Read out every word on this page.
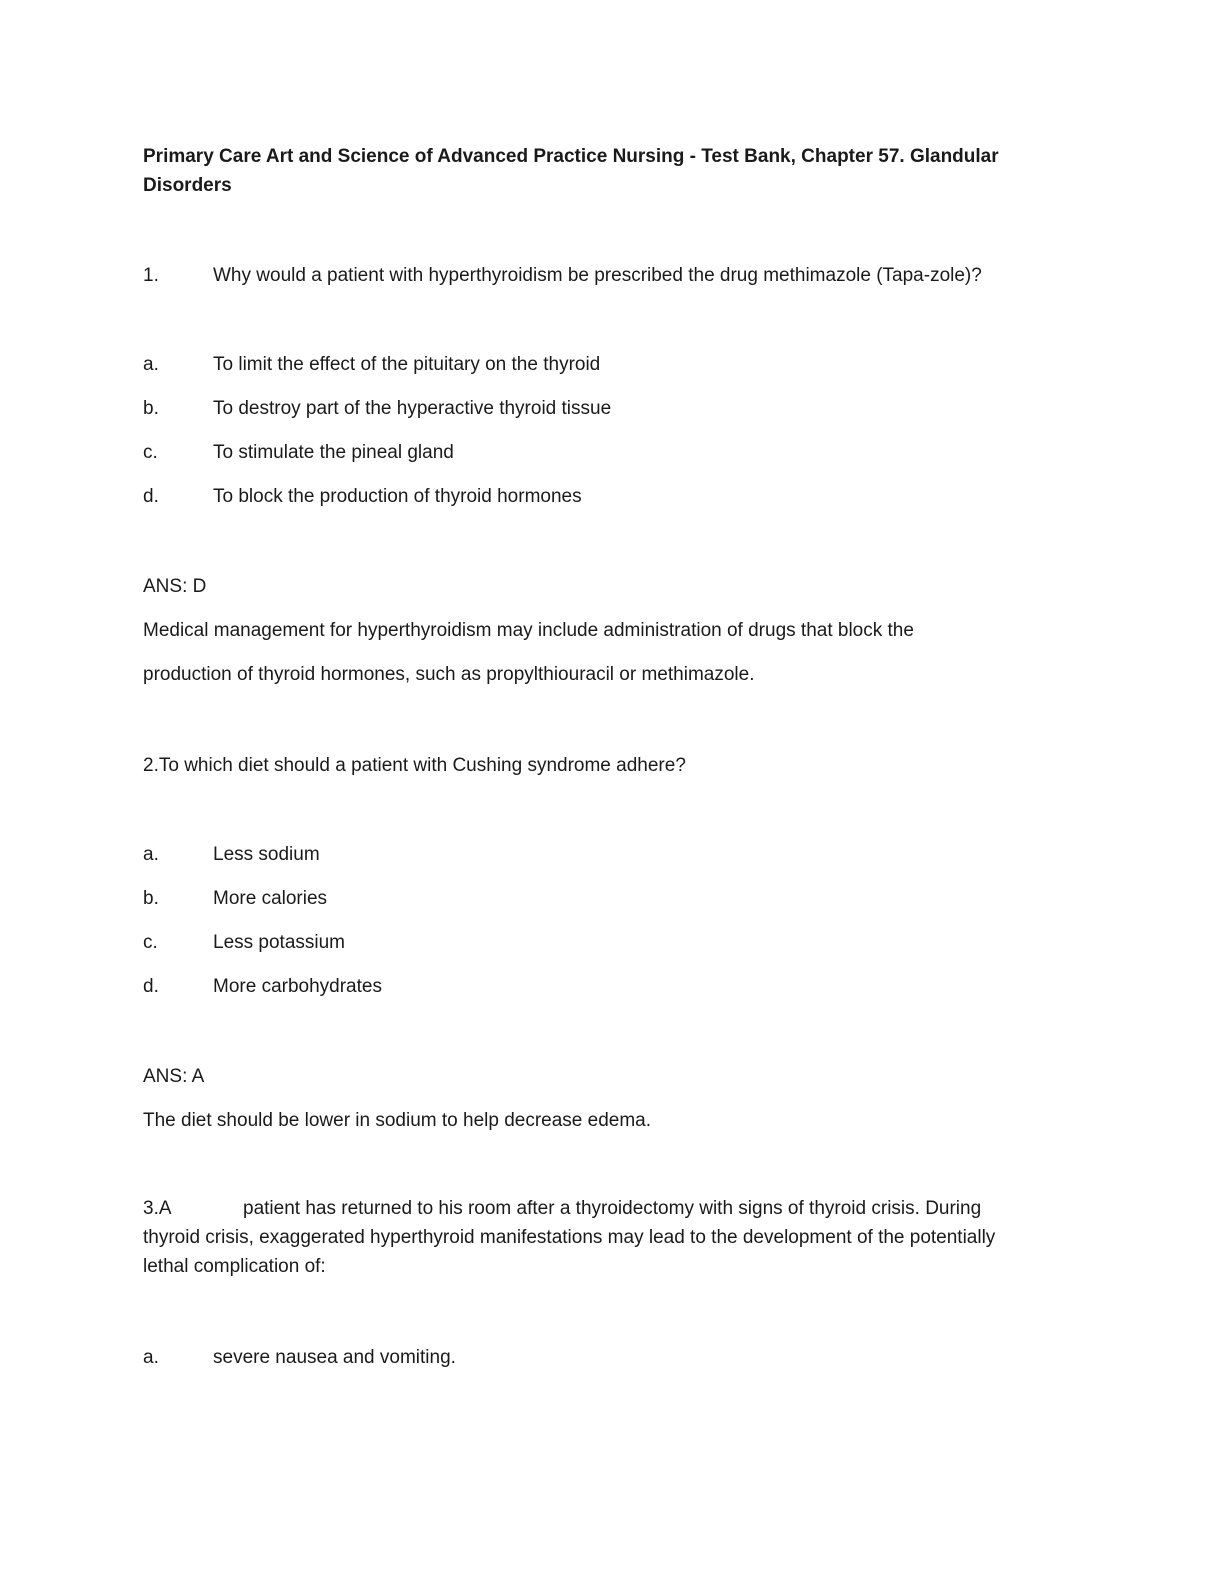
Primary Care Art and Science of Advanced Practice Nursing - Test Bank, Chapter 57. Glandular Disorders
1.	Why would a patient with hyperthyroidism be prescribed the drug methimazole (Tapa-zole)?
a.	To limit the effect of the pituitary on the thyroid
b.	To destroy part of the hyperactive thyroid tissue
c.	To stimulate the pineal gland
d.	To block the production of thyroid hormones
ANS: D
Medical management for hyperthyroidism may include administration of drugs that block the
production of thyroid hormones, such as propylthiouracil or methimazole.
2.To which diet should a patient with Cushing syndrome adhere?
a.	Less sodium
b.	More calories
c.	Less potassium
d.	More carbohydrates
ANS: A
The diet should be lower in sodium to help decrease edema.
3.A	patient has returned to his room after a thyroidectomy with signs of thyroid crisis. During
thyroid crisis, exaggerated hyperthyroid manifestations may lead to the development of the potentially
lethal complication of:
a.	severe nausea and vomiting.
